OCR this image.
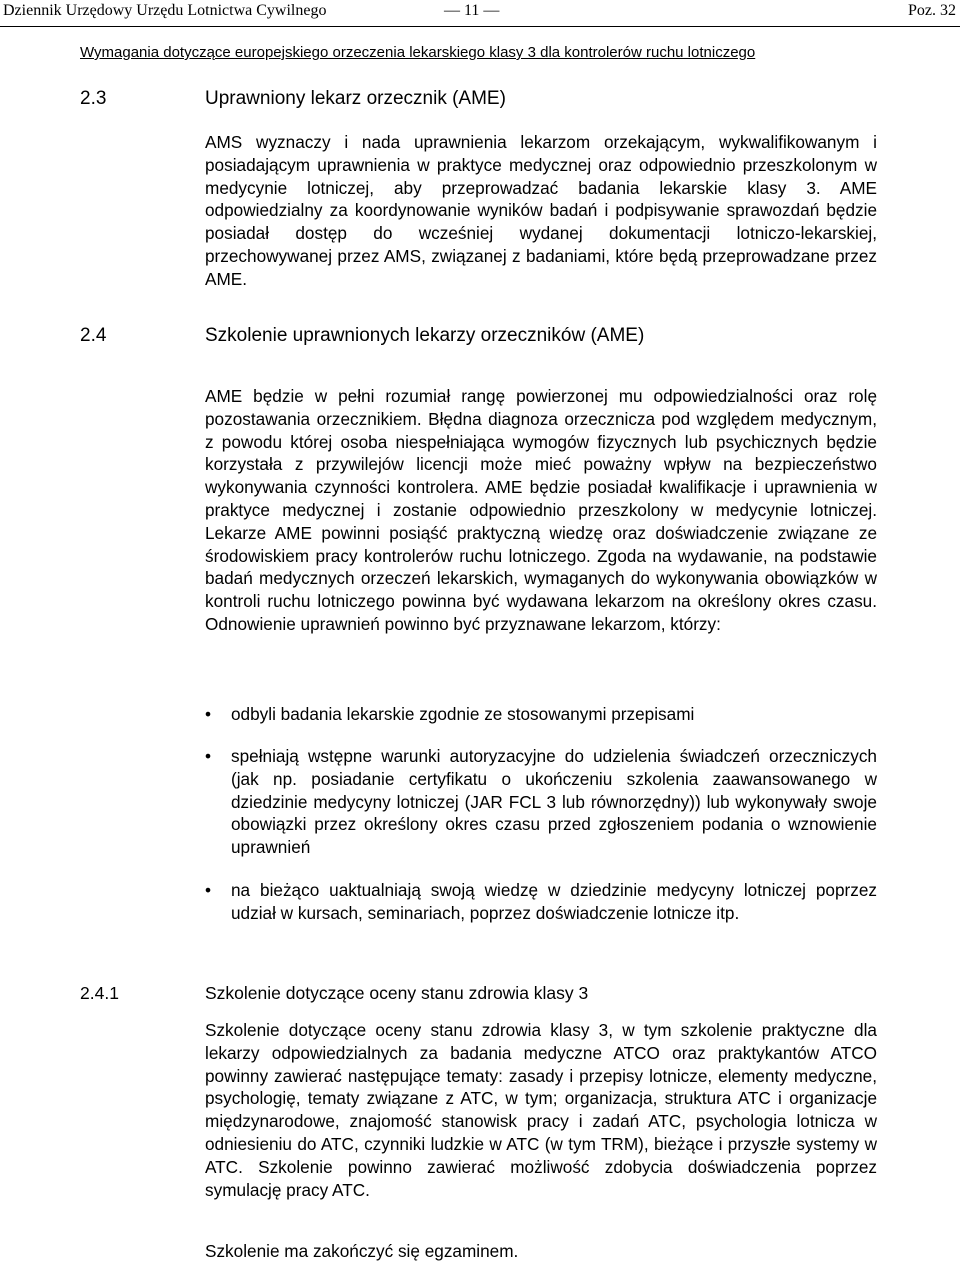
Dziennik Urzędowy Urzędu Lotnictwa Cywilnego	— 11 —	Poz. 32
Wymagania dotyczące europejskiego orzeczenia lekarskiego klasy 3 dla kontrolerów ruchu lotniczego
2.3	Uprawniony lekarz orzecznik (AME)
AMS wyznaczy i nada uprawnienia lekarzom orzekającym, wykwalifikowanym i posiadającym uprawnienia w praktyce medycznej oraz odpowiednio przeszkolonym w medycynie lotniczej, aby przeprowadzać badania lekarskie klasy 3. AME odpowiedzialny za koordynowanie wyników badań i podpisywanie sprawozdań będzie posiadał dostęp do wcześniej wydanej dokumentacji lotniczo-lekarskiej, przechowywanej przez AMS, związanej z badaniami, które będą przeprowadzane przez AME.
2.4	Szkolenie uprawnionych lekarzy orzeczników (AME)
AME będzie w pełni rozumiał rangę powierzonej mu odpowiedzialności oraz rolę pozostawania orzecznikiem. Błędna diagnoza orzecznicza pod względem medycznym, z powodu której osoba niespełniająca wymogów fizycznych lub psychicznych będzie korzystała z przywilejów licencji może mieć poważny wpływ na bezpieczeństwo wykonywania czynności kontrolera. AME będzie posiadał kwalifikacje i uprawnienia w praktyce medycznej i zostanie odpowiednio przeszkolony w medycynie lotniczej. Lekarze AME powinni posiąść praktyczną wiedzę oraz doświadczenie związane ze środowiskiem pracy kontrolerów ruchu lotniczego. Zgoda na wydawanie, na podstawie badań medycznych orzeczeń lekarskich, wymaganych do wykonywania obowiązków w kontroli ruchu lotniczego powinna być wydawana lekarzom na określony okres czasu. Odnowienie uprawnień powinno być przyznawane lekarzom, którzy:
• odbyli badania lekarskie zgodnie ze stosowanymi przepisami
• spełniają wstępne warunki autoryzacyjne do udzielenia świadczeń orzeczniczych (jak np. posiadanie certyfikatu o ukończeniu szkolenia zaawansowanego w dziedzinie medycyny lotniczej (JAR FCL 3 lub równorzędny)) lub wykonywały swoje obowiązki przez określony okres czasu przed zgłoszeniem podania o wznowienie uprawnień
• na bieżąco uaktualniają swoją wiedzę w dziedzinie medycyny lotniczej poprzez udział w kursach, seminariach, poprzez doświadczenie lotnicze itp.
2.4.1	Szkolenie dotyczące oceny stanu zdrowia klasy 3
Szkolenie dotyczące oceny stanu zdrowia klasy 3, w tym szkolenie praktyczne dla lekarzy odpowiedzialnych za badania medyczne ATCO oraz praktykantów ATCO powinny zawierać następujące tematy: zasady i przepisy lotnicze, elementy medyczne, psychologię, tematy związane z ATC, w tym; organizacja, struktura ATC i organizacje międzynarodowe, znajomość stanowisk pracy i zadań ATC, psychologia lotnicza w odniesieniu do ATC, czynniki ludzkie w ATC (w tym TRM), bieżące i przyszłe systemy w ATC. Szkolenie powinno zawierać możliwość zdobycia doświadczenia poprzez symulację pracy ATC.
Szkolenie ma zakończyć się egzaminem.
